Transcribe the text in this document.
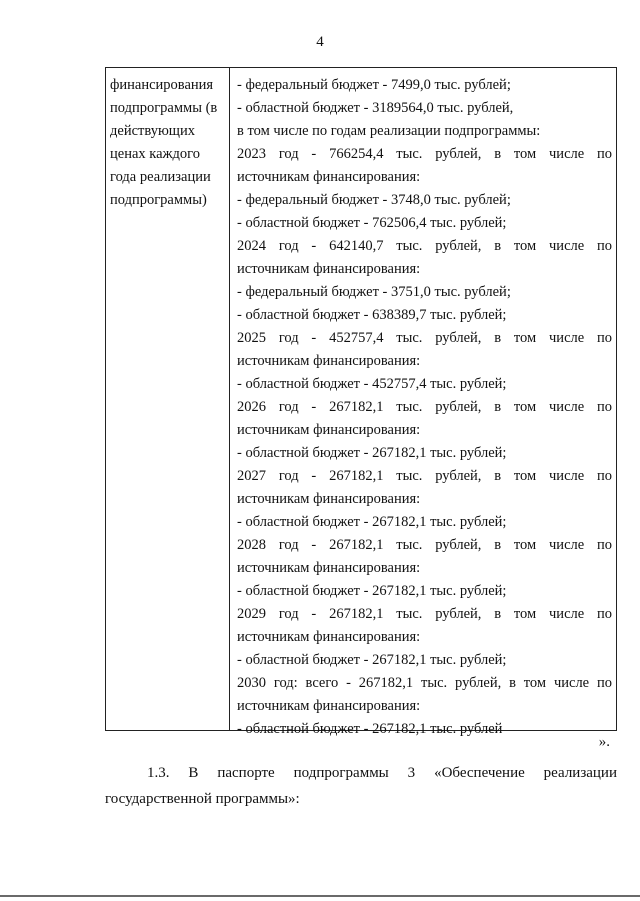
4
финансирования
подпрограммы (в
действующих
ценах каждого
года реализации
подпрограммы)
- федеральный бюджет - 7499,0 тыс. рублей;
- областной бюджет - 3189564,0 тыс. рублей,
в том числе по годам реализации подпрограммы:
2023 год - 766254,4 тыс. рублей, в том числе по
источникам финансирования:
- федеральный бюджет - 3748,0 тыс. рублей;
- областной бюджет - 762506,4 тыс. рублей;
2024 год - 642140,7 тыс. рублей, в том числе по
источникам финансирования:
- федеральный бюджет - 3751,0 тыс. рублей;
- областной бюджет - 638389,7 тыс. рублей;
2025 год - 452757,4 тыс. рублей, в том числе по
источникам финансирования:
- областной бюджет - 452757,4 тыс. рублей;
2026 год - 267182,1 тыс. рублей, в том числе по
источникам финансирования:
- областной бюджет - 267182,1 тыс. рублей;
2027 год - 267182,1 тыс. рублей, в том числе по
источникам финансирования:
- областной бюджет - 267182,1 тыс. рублей;
2028 год - 267182,1 тыс. рублей, в том числе по
источникам финансирования:
- областной бюджет - 267182,1 тыс. рублей;
2029 год - 267182,1 тыс. рублей, в том числе по
источникам финансирования:
- областной бюджет - 267182,1 тыс. рублей;
2030 год: всего - 267182,1 тыс. рублей, в том числе по
источникам финансирования:
- областной бюджет - 267182,1 тыс. рублей
».
1.3. В паспорте подпрограммы 3 «Обеспечение реализации
государственной программы»:
